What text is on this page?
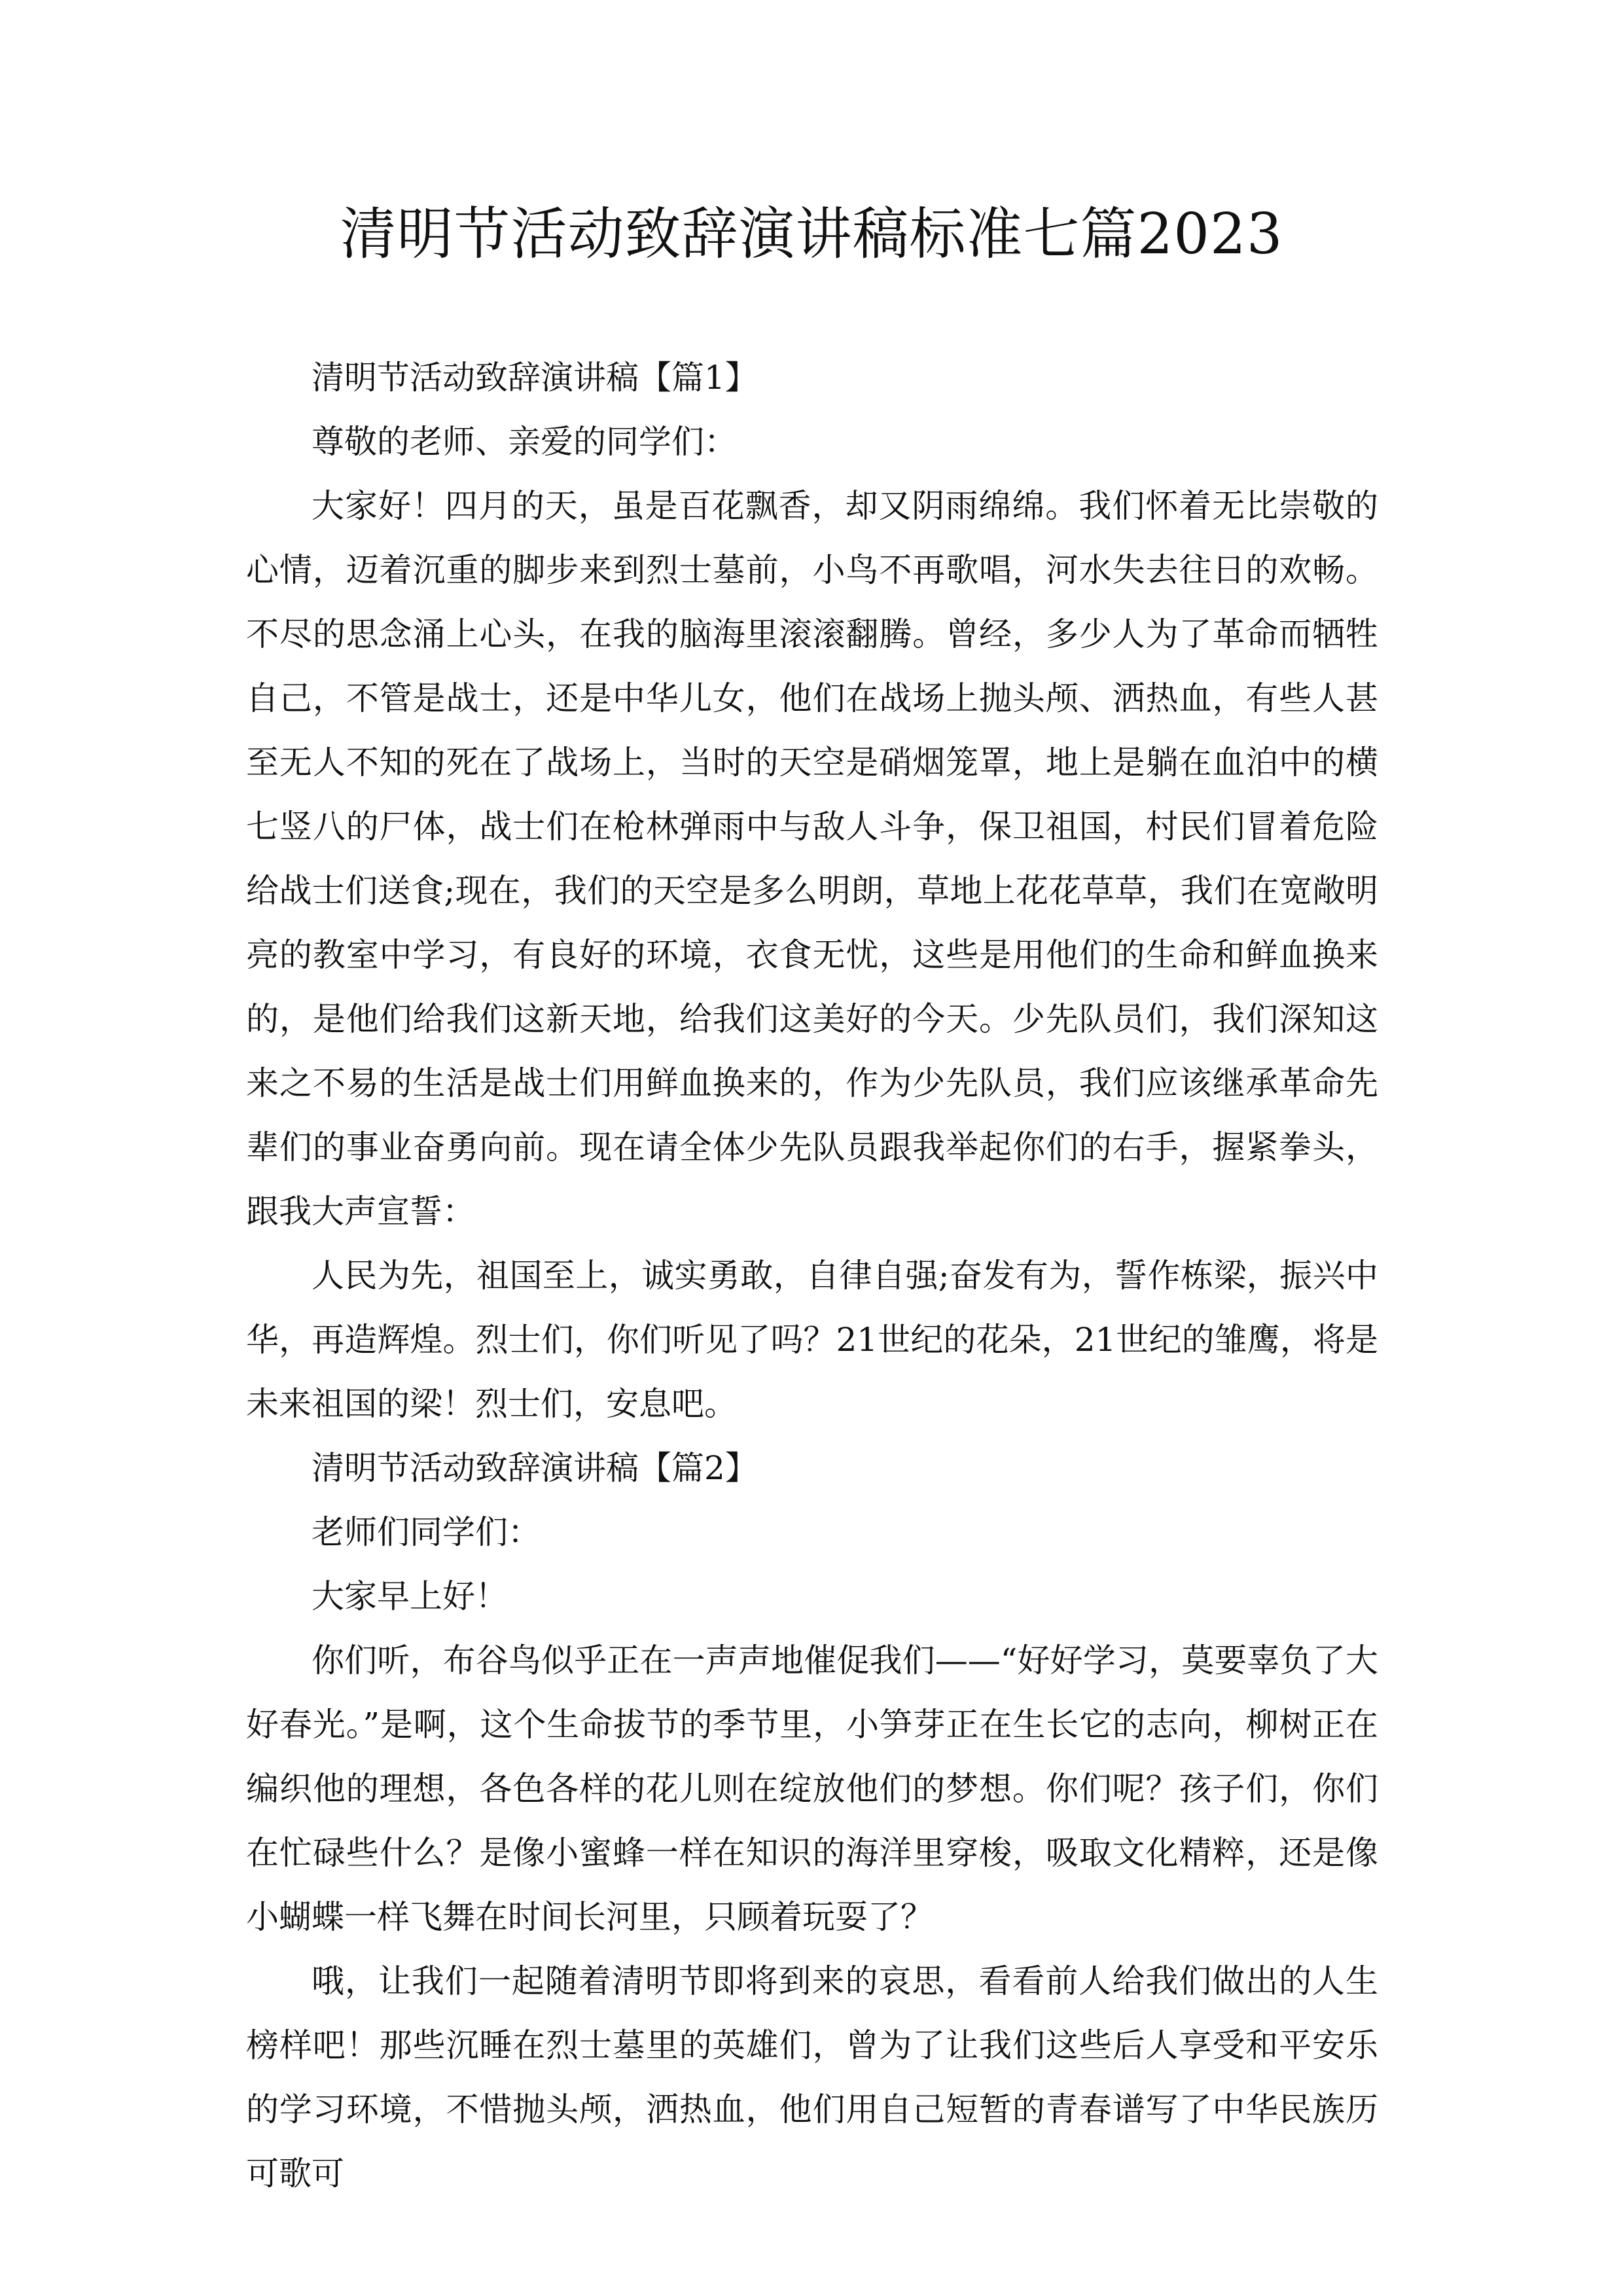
清明节活动致辞演讲稿标准七篇2023

清明节活动致辞演讲稿【篇1】

尊敬的老师、亲爱的同学们：

大家好！四月的天，虽是百花飘香，却又阴雨绵绵。我们怀着无比崇敬的心情，迈着沉重的脚步来到烈士墓前，小鸟不再歌唱，河水失去往日的欢畅。不尽的思念涌上心头，在我的脑海里滚滚翻腾。曾经，多少人为了革命而牺牲自己，不管是战士，还是中华儿女，他们在战场上抛头颅、洒热血，有些人甚至无人不知的死在了战场上，当时的天空是硝烟笼罩，地上是躺在血泊中的横七竖八的尸体，战士们在枪林弹雨中与敌人斗争，保卫祖国，村民们冒着危险给战士们送食;现在，我们的天空是多么明朗，草地上花花草草，我们在宽敞明亮的教室中学习，有良好的环境，衣食无忧，这些是用他们的生命和鲜血换来的，是他们给我们这新天地，给我们这美好的今天。少先队员们，我们深知这来之不易的生活是战士们用鲜血换来的，作为少先队员，我们应该继承革命先辈们的事业奋勇向前。现在请全体少先队员跟我举起你们的右手，握紧拳头，跟我大声宣誓：

人民为先，祖国至上，诚实勇敢，自律自强;奋发有为，誓作栋梁，振兴中华，再造辉煌。烈士们，你们听见了吗？21世纪的花朵，21世纪的雏鹰，将是未来祖国的梁！烈士们，安息吧。

清明节活动致辞演讲稿【篇2】

老师们同学们：

大家早上好！

你们听，布谷鸟似乎正在一声声地催促我们——“好好学习，莫要辜负了大好春光。”是啊，这个生命拔节的季节里，小笋芽正在生长它的志向，柳树正在编织他的理想，各色各样的花儿则在绽放他们的梦想。你们呢？孩子们，你们在忙碌些什么？是像小蜜蜂一样在知识的海洋里穿梭，吸取文化精粹，还是像小蝴蝶一样飞舞在时间长河里，只顾着玩耍了？

哦，让我们一起随着清明节即将到来的哀思，看看前人给我们做出的人生榜样吧！那些沉睡在烈士墓里的英雄们，曾为了让我们这些后人享受和平安乐的学习环境，不惜抛头颅，洒热血，他们用自己短暂的青春谱写了中华民族历可歌可
